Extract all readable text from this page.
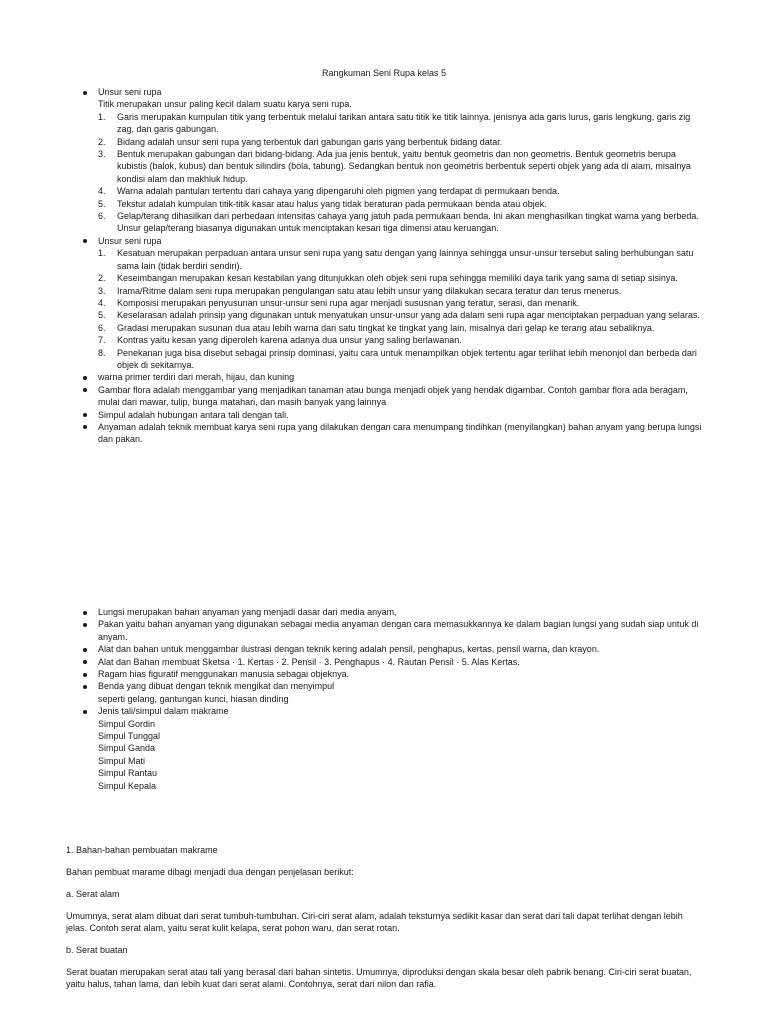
Rangkuman Seni Rupa kelas 5
Unsur seni rupa
Titik merupakan unsur paling kecil dalam suatu karya seni rupa.
1. Garis merupakan kumpulan titik yang terbentuk melalui tarikan antara satu titik ke titik lainnya. jenisnya ada garis lurus, garis lengkung, garis zig zag, dan garis gabungan.
2. Bidang adalah unsur seni rupa yang terbentuk dari gabungan garis yang berbentuk bidang datar.
3. Bentuk merupakan gabungan dari bidang-bidang. Ada jua jenis bentuk, yaitu bentuk geometris dan non geometris. Bentuk geometris berupa kubistis (balok, kubus) dan bentuk silindirs (bola, tabung). Sedangkan bentuk non geometris berbentuk seperti objek yang ada di alam, misalnya kondisi alam dan makhluk hidup.
4. Warna adalah pantulan tertentu dari cahaya yang dipengaruhi oleh pigmen yang terdapat di permukaan benda.
5. Tekstur adalah kumpulan titik-titik kasar atau halus yang tidak beraturan pada permukaan benda atau objek.
6. Gelap/terang dihasilkan dari perbedaan intensitas cahaya yang jatuh pada permukaan benda. Ini akan menghasilkan tingkat warna yang berbeda. Unsur gelap/terang biasanya digunakan untuk menciptakan kesan tiga dimensi atau keruangan.
Unsur seni rupa
1. Kesatuan merupakan perpaduan antara unsur seni rupa yang satu dengan yang lainnya sehingga unsur-unsur tersebut saling berhubungan satu sama lain (tidak berdiri sendiri).
2. Keseimbangan merupakan kesan kestabilan yang ditunjukkan oleh objek seni rupa sehingga memiliki daya tarik yang sama di setiap sisinya.
3. Irama/Ritme dalam seni rupa merupakan pengulangan satu atau lebih unsur yang dilakukan secara teratur dan terus menerus.
4. Komposisi merupakan penyusunan unsur-unsur seni rupa agar menjadi sususnan yang teratur, serasi, dan menarik.
5. Keselarasan adalah prinsip yang digunakan untuk menyatukan unsur-unsur yang ada dalam seni rupa agar menciptakan perpaduan yang selaras.
6. Gradasi merupakan susunan dua atau lebih warna dari satu tingkat ke tingkat yang lain, misalnya dari gelap ke terang atau sebaliknya.
7. Kontras yaitu kesan yang diperoleh karena adanya dua unsur yang saling berlawanan.
8. Penekanan juga bisa disebut sebagai prinsip dominasi, yaitu cara untuk menampilkan objek tertentu agar terlihat lebih menonjol dan berbeda dari objek di sekitarnya.
warna primer terdiri dari merah, hijau, dan kuning
Gambar flora adalah menggambar yang menjadikan tanaman atau bunga menjadi objek yang hendak digambar. Contoh gambar flora ada beragam, mulai dari mawar, tulip, bunga matahari, dan masih banyak yang lainnya
Simpul adalah hubungan antara tali dengan tali.
Anyaman adalah teknik membuat karya seni rupa yang dilakukan dengan cara menumpang tindihkan (menyilangkan) bahan anyam yang berupa lungsi dan pakan.
Lungsi merupakan bahan anyaman yang menjadi dasar dari media anyam,
Pakan yaitu bahan anyaman yang digunakan sebagai media anyaman dengan cara memasukkannya ke dalam bagian lungsi yang sudah siap untuk di anyam.
Alat dan bahan untuk menggambar ilustrasi dengan teknik kering adalah pensil, penghapus, kertas, pensil warna, dan krayon.
Alat dan Bahan membuat Sketsa · 1. Kertas · 2. Pensil · 3. Penghapus · 4. Rautan Pensil · 5. Alas Kertas.
Ragam hias figuratif menggunakan manusia sebagai objeknya.
Benda yang dibuat dengan teknik mengikat dan menyimpul
seperti gelang, gantungan kunci, hiasan dinding
Jenis tali/simpul dalam makrame
Simpul Gordin
Simpul Tunggal
Simpul Ganda
Simpul Mati
Simpul Rantau
Simpul Kepala

1. Bahan-bahan pembuatan makrame

Bahan pembuat marame dibagi menjadi dua dengan penjelasan berikut:

a. Serat alam

Umumnya, serat alam dibuat dari serat tumbuh-tumbuhan. Ciri-ciri serat alam, adalah teksturnya sedikit kasar dan serat dari tali dapat terlihat dengan lebih jelas. Contoh serat alam, yaitu serat kulit kelapa, serat pohon waru, dan serat rotan.

b. Serat buatan

Serat buatan merupakan serat atau tali yang berasal dari bahan sintetis. Umumnya, diproduksi dengan skala besar oleh pabrik benang. Ciri-ciri serat buatan, yaitu halus, tahan lama, dan lebih kuat dari serat alami. Contohnya, serat dari nilon dan rafia.
